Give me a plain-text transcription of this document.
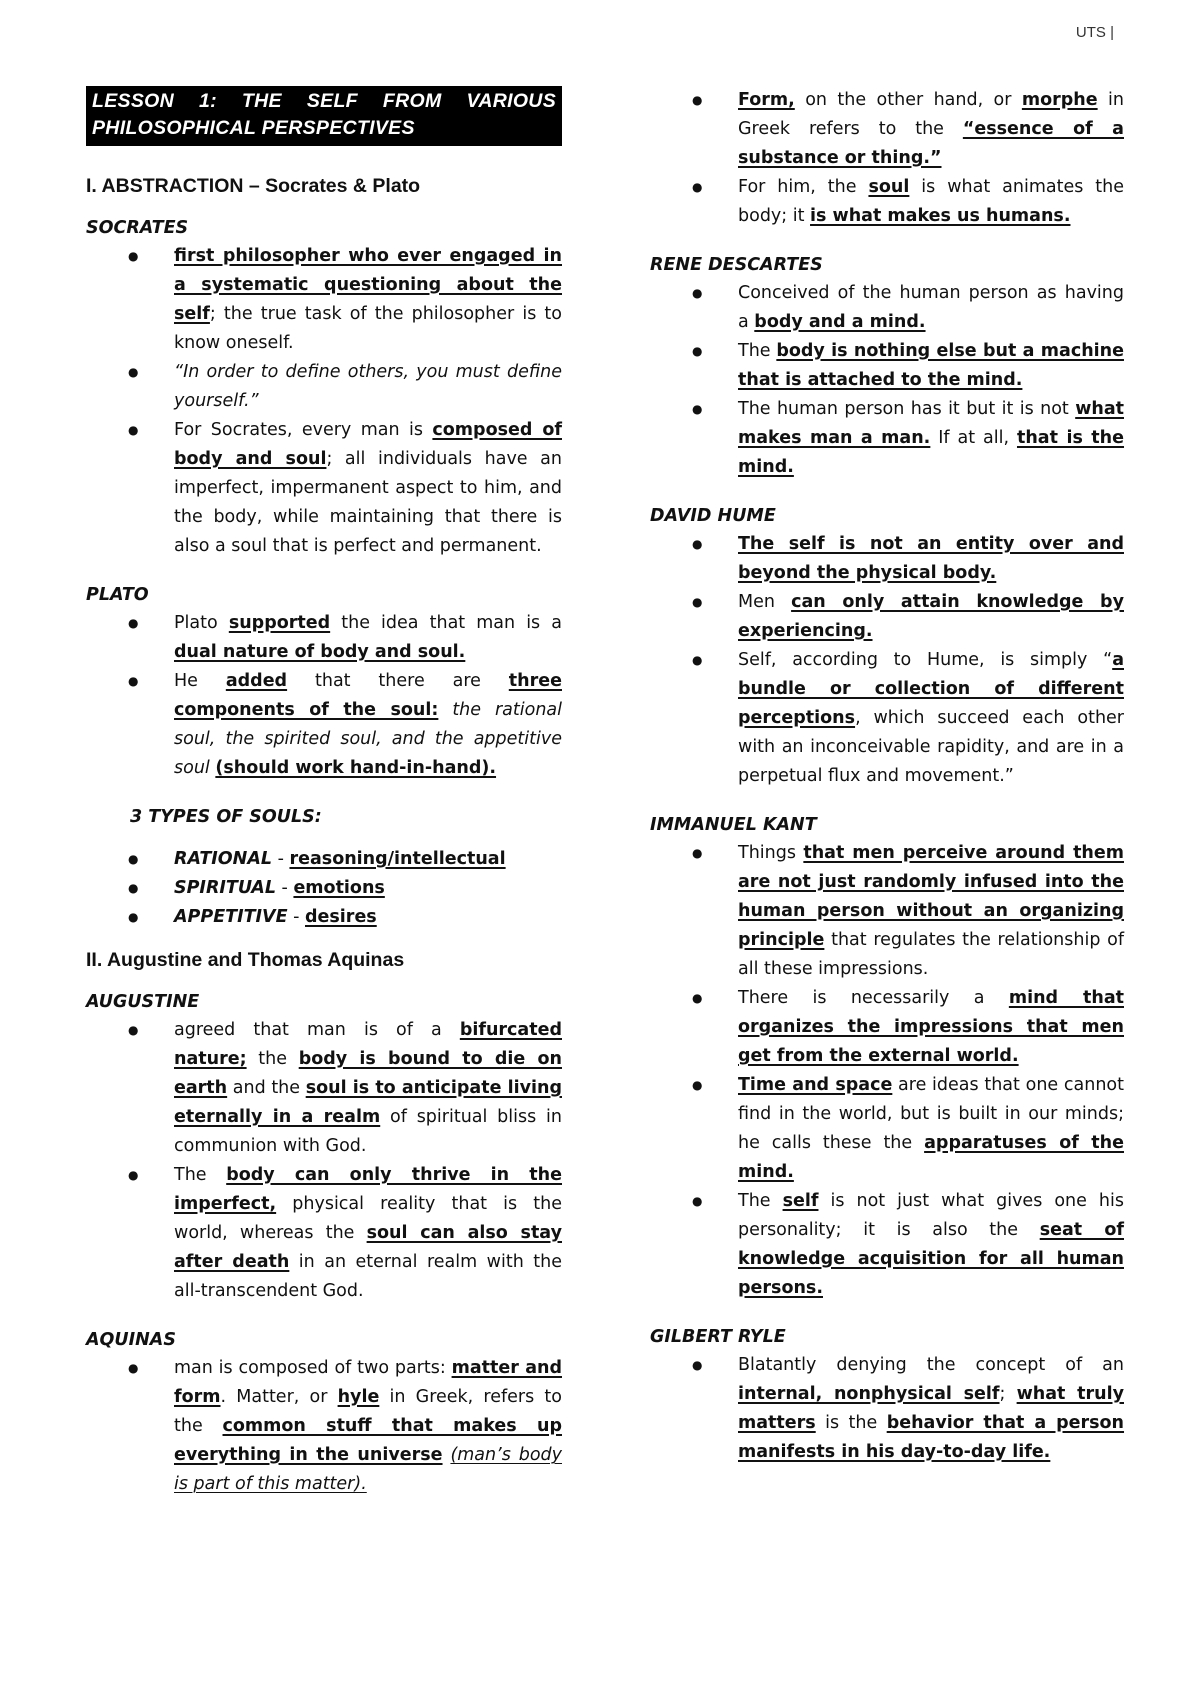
UTS |
LESSON 1: THE SELF FROM VARIOUS
PHILOSOPHICAL PERSPECTIVES

I. ABSTRACTION – Socrates & Plato

SOCRATES

● first philosopher who ever engaged in a systematic questioning about the self; the true task of the philosopher is to know oneself.
● “In order to define others, you must define yourself.”
● For Socrates, every man is composed of body and soul; all individuals have an imperfect, impermanent aspect to him, and the body, while maintaining that there is also a soul that is perfect and permanent.

PLATO

● Plato supported the idea that man is a dual nature of body and soul.
● He added that there are three components of the soul: the rational soul, the spirited soul, and the appetitive soul (should work hand-in-hand).

3 TYPES OF SOULS:

● RATIONAL - reasoning/intellectual
● SPIRITUAL - emotions
● APPETITIVE - desires

II. Augustine and Thomas Aquinas

AUGUSTINE

● agreed that man is of a bifurcated nature; the body is bound to die on earth and the soul is to anticipate living eternally in a realm of spiritual bliss in communion with God.
● The body can only thrive in the imperfect, physical reality that is the world, whereas the soul can also stay after death in an eternal realm with the all-transcendent God.

AQUINAS

● man is composed of two parts: matter and form. Matter, or hyle in Greek, refers to the common stuff that makes up everything in the universe (man’s body is part of this matter).
● Form, on the other hand, or morphe in Greek refers to the “essence of a substance or thing.”
● For him, the soul is what animates the body; it is what makes us humans.

RENE DESCARTES

● Conceived of the human person as having a body and a mind.
● The body is nothing else but a machine that is attached to the mind.
● The human person has it but it is not what makes man a man. If at all, that is the mind.

DAVID HUME

● The self is not an entity over and beyond the physical body.
● Men can only attain knowledge by experiencing.
● Self, according to Hume, is simply “a bundle or collection of different perceptions, which succeed each other with an inconceivable rapidity, and are in a perpetual flux and movement.”

IMMANUEL KANT

● Things that men perceive around them are not just randomly infused into the human person without an organizing principle that regulates the relationship of all these impressions.
● There is necessarily a mind that organizes the impressions that men get from the external world.
● Time and space are ideas that one cannot find in the world, but is built in our minds; he calls these the apparatuses of the mind.
● The self is not just what gives one his personality; it is also the seat of knowledge acquisition for all human persons.

GILBERT RYLE

● Blatantly denying the concept of an internal, nonphysical self; what truly matters is the behavior that a person manifests in his day-to-day life.
